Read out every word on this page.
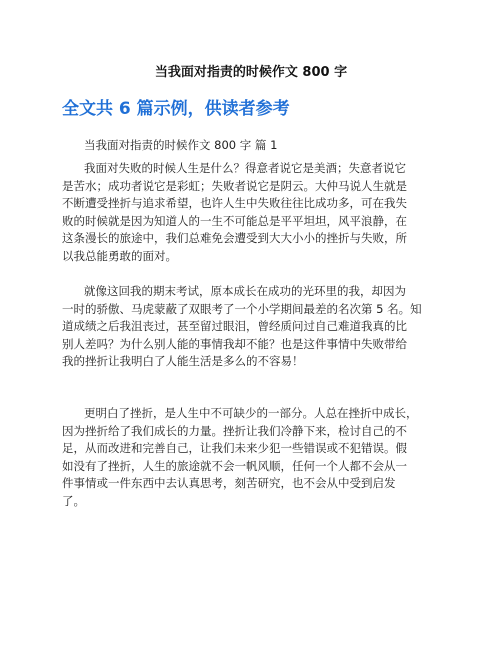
当我面对指责的时候作文 800 字
全文共 6 篇示例，供读者参考
当我面对指责的时候作文 800 字 篇 1
我面对失败的时候人生是什么？得意者说它是美酒；失意者说它
是苦水；成功者说它是彩虹；失败者说它是阴云。大仲马说人生就是
不断遭受挫折与追求希望，也许人生中失败往往比成功多，可在我失
败的时候就是因为知道人的一生不可能总是平平坦坦，风平浪静，在
这条漫长的旅途中，我们总难免会遭受到大大小小的挫折与失败，所
以我总能勇敢的面对。
就像这回我的期末考试，原本成长在成功的光环里的我，却因为
一时的骄傲、马虎蒙蔽了双眼考了一个小学期间最差的名次第 5 名。知
道成绩之后我沮丧过，甚至留过眼泪，曾经质问过自己难道我真的比
别人差吗？为什么别人能的事情我却不能？也是这件事情中失败带给
我的挫折让我明白了人能生活是多么的不容易！
更明白了挫折，是人生中不可缺少的一部分。人总在挫折中成长，
因为挫折给了我们成长的力量。挫折让我们冷静下来，检讨自己的不
足，从而改进和完善自己，让我们未来少犯一些错误或不犯错误。假
如没有了挫折，人生的旅途就不会一帆风顺，任何一个人都不会从一
件事情或一件东西中去认真思考，刻苦研究，也不会从中受到启发
了。
